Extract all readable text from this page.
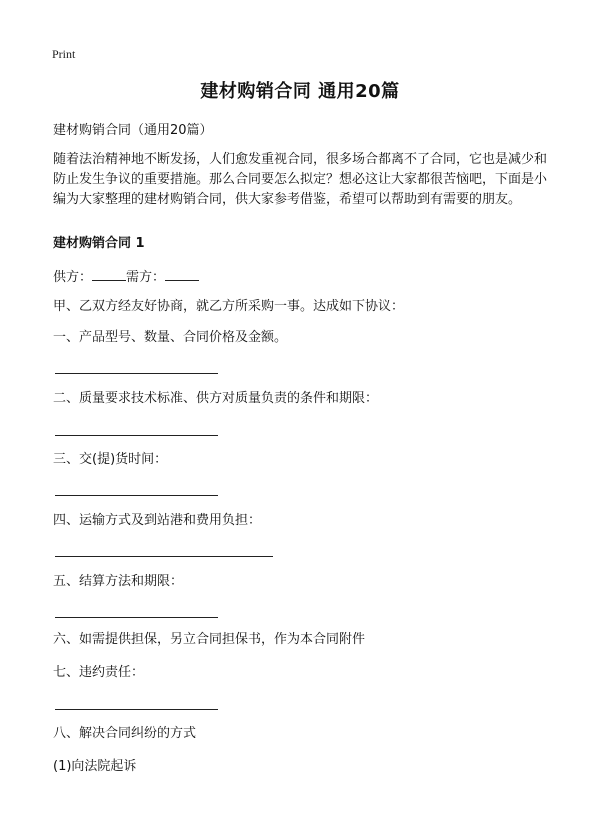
Print
建材购销合同 通用20篇

建材购销合同（通用20篇）

随着法治精神地不断发扬，人们愈发重视合同，很多场合都离不了合同，它也是减少和防止发生争议的重要措施。那么合同要怎么拟定？想必这让大家都很苦恼吧，下面是小编为大家整理的建材购销合同，供大家参考借鉴，希望可以帮助到有需要的朋友。

建材购销合同 1

供方：	需方：

甲、乙双方经友好协商，就乙方所采购一事。达成如下协议：

一、产品型号、数量、合同价格及金额。

二、质量要求技术标准、供方对质量负责的条件和期限：

三、交(提)货时间：

四、运输方式及到站港和费用负担：

五、结算方法和期限：

六、如需提供担保，另立合同担保书，作为本合同附件

七、违约责任：

八、解决合同纠纷的方式

(1)向法院起诉
